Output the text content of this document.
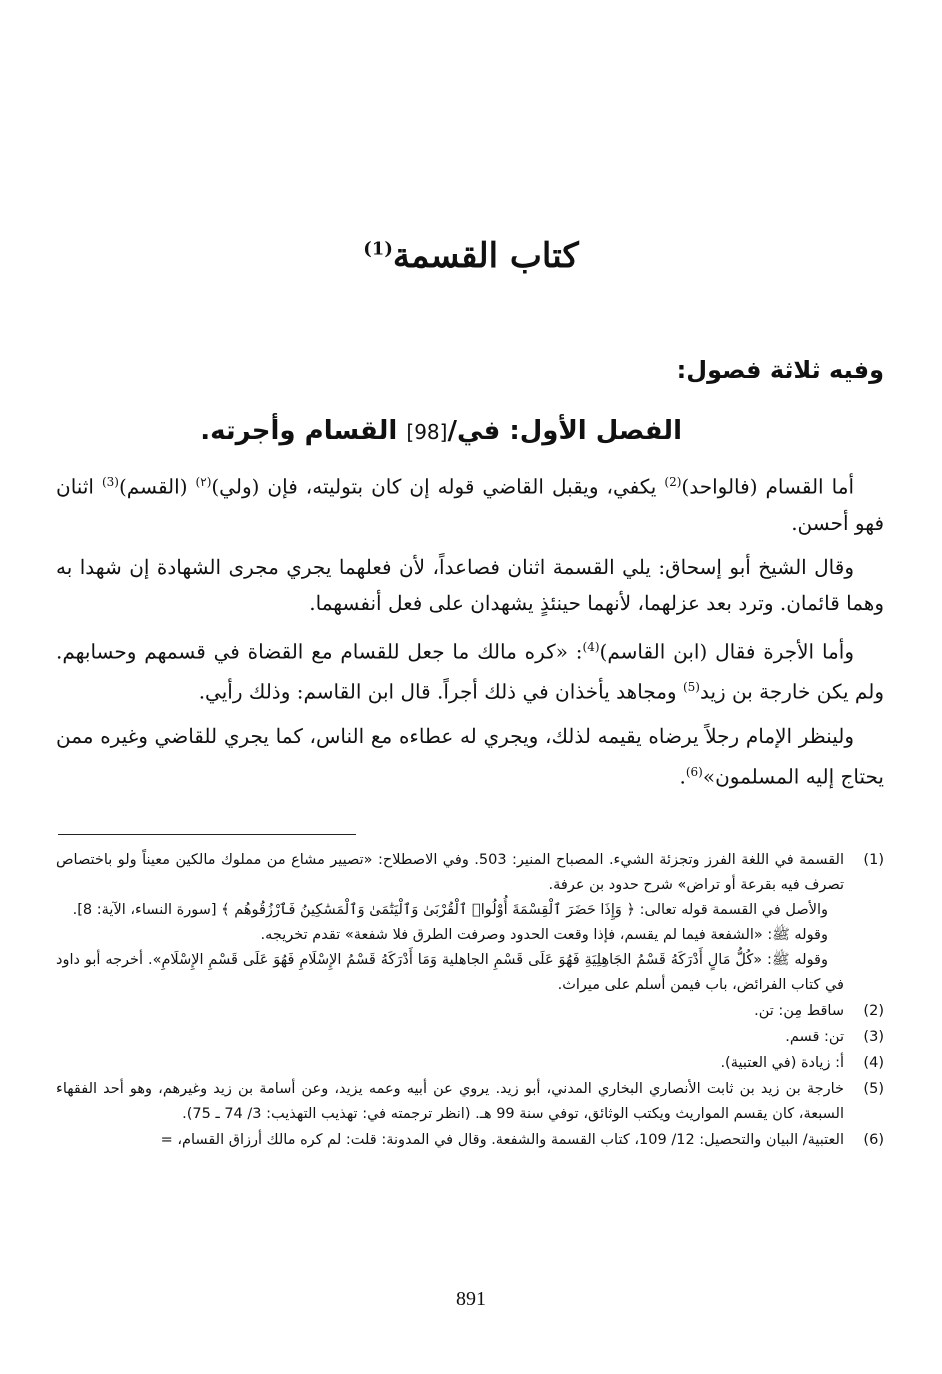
كتاب القسمة$^{(1)}$
وفيه ثلاثة فصول:
الفصل الأول: في/[98] القسام وأجرته.

أما القسام (فالواحد)$^{(2)}$ يكفي، ويقبل القاضي قوله إن كان بتوليته، فإن (ولي)$^{(٢)}$ (القسم)$^{(3)}$ اثنان فهو أحسن.

وقال الشيخ أبو إسحاق: يلي القسمة اثنان فصاعداً، لأن فعلهما يجري مجرى الشهادة إن شهدا به وهما قائمان. وترد بعد عزلهما، لأنهما حينئذٍ يشهدان على فعل أنفسهما.

وأما الأجرة فقال (ابن القاسم)$^{(4)}$: «كره مالك ما جعل للقسام مع القضاة في قسمهم وحسابهم. ولم يكن خارجة بن زيد$^{(5)}$ ومجاهد يأخذان في ذلك أجراً. قال ابن القاسم: وذلك رأيي.

ولينظر الإمام رجلاً يرضاه يقيمه لذلك، ويجري له عطاءه مع الناس، كما يجري للقاضي وغيره ممن يحتاج إليه المسلمون»$^{(6)}$.

(1)
القسمة في اللغة الفرز وتجزئة الشيء. المصباح المنير: 503. وفي الاصطلاح: «تصيير مشاع من مملوك مالكين معيناً ولو باختصاص تصرف فيه بقرعة أو تراض» شرح حدود بن عرفة.
والأصل في القسمة قوله تعالى: ﴿ وَإِذَا حَضَرَ ٱلْقِسْمَةَ أُوْلُوا۟ ٱلْقُرْبَىٰ وَٱلْيَتَٰمَىٰ وَٱلْمَسَٰكِينُ فَٱرْزُقُوهُم ﴾ [سورة النساء، الآية: 8].
وقوله ﷺ: «الشفعة فيما لم يقسم، فإذا وقعت الحدود وصرفت الطرق فلا شفعة» تقدم تخريجه.
وقوله ﷺ: «كُلُّ مَالٍ أَدْرَكَهُ قَسْمُ الجَاهِلِيَةِ فَهُوَ عَلَى قَسْمِ الجاهلية وَمَا أَدْرَكَهُ قَسْمُ الإِسْلَامِ فَهُوَ عَلَى قَسْمِ الإِسْلَامِ». أخرجه أبو داود في كتاب الفرائض، باب فيمن أسلم على ميراث.
(2)
ساقط مِن: تن.
(3)
تن: قسم.
(4)
أ: زيادة (في العتبية).
(5)
خارجة بن زيد بن ثابت الأنصاري البخاري المدني، أبو زيد. يروي عن أبيه وعمه يزيد، وعن أسامة بن زيد وغيرهم، وهو أحد الفقهاء السبعة، كان يقسم المواريث ويكتب الوثائق، توفي سنة 99 هـ. (انظر ترجمته في: تهذيب التهذيب: 3/ 74 ـ 75).
(6)
العتبية/ البيان والتحصيل: 12/ 109، كتاب القسمة والشفعة. وقال في المدونة: قلت: لم كره مالك أرزاق القسام، =
891
